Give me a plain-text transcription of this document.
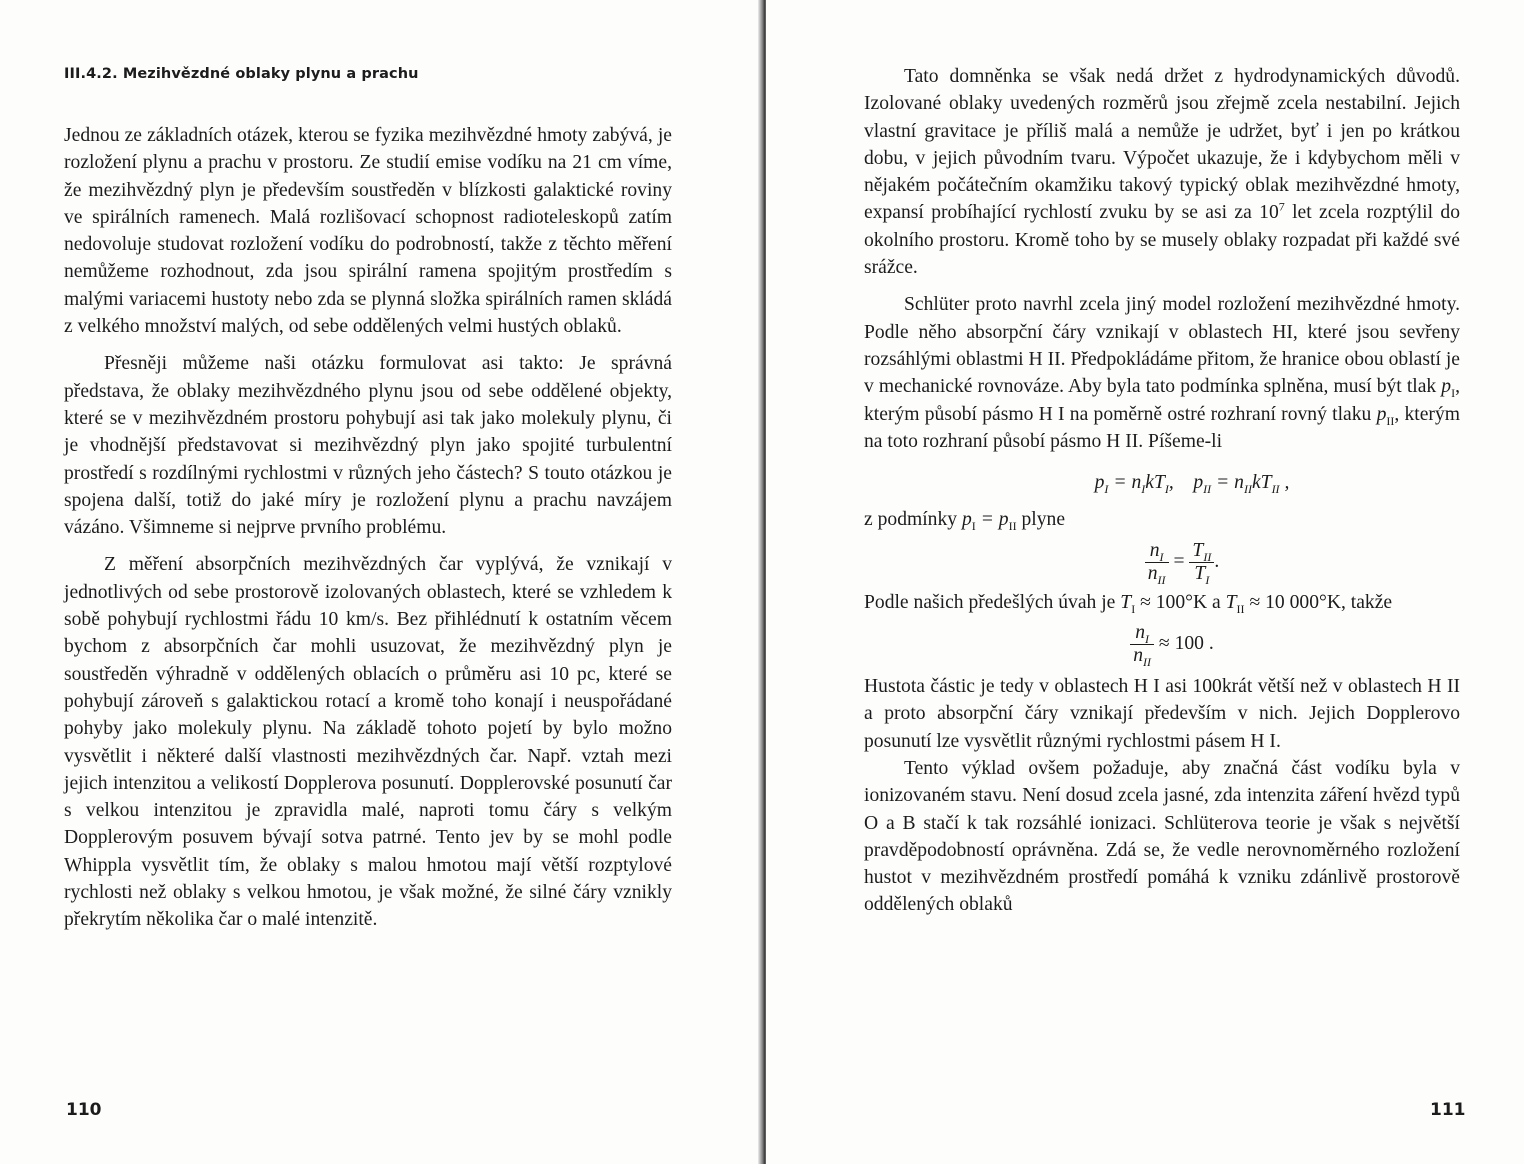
III.4.2. Mezihvězdné oblaky plynu a prachu

Jednou ze základních otázek, kterou se fyzika mezihvězdné hmoty zabývá, je rozložení plynu a prachu v prostoru. Ze studií emise vodíku na 21 cm víme, že mezihvězdný plyn je především soustředěn v blízkosti galaktické roviny ve spirálních ramenech. Malá rozlišovací schopnost radioteleskopů zatím nedovoluje studovat rozložení vodíku do podrobností, takže z těchto měření nemůžeme rozhodnout, zda jsou spirální ramena spojitým prostředím s malými variacemi hustoty nebo zda se plynná složka spirálních ramen skládá z velkého množství malých, od sebe oddělených velmi hustých oblaků.

Přesněji můžeme naši otázku formulovat asi takto: Je správná představa, že oblaky mezihvězdného plynu jsou od sebe oddělené objekty, které se v mezihvězdném prostoru pohybují asi tak jako molekuly plynu, či je vhodnější představovat si mezihvězdný plyn jako spojité turbulentní prostředí s rozdílnými rychlostmi v různých jeho částech? S touto otázkou je spojena další, totiž do jaké míry je rozložení plynu a prachu navzájem vázáno. Všimneme si nejprve prvního problému.

Z měření absorpčních mezihvězdných čar vyplývá, že vznikají v jednotlivých od sebe prostorově izolovaných oblastech, které se vzhledem k sobě pohybují rychlostmi řádu 10 km/s. Bez přihlédnutí k ostatním věcem bychom z absorpčních čar mohli usuzovat, že mezihvězdný plyn je soustředěn výhradně v oddělených oblacích o průměru asi 10 pc, které se pohybují zároveň s galaktickou rotací a kromě toho konají i neuspořádané pohyby jako molekuly plynu. Na základě tohoto pojetí by bylo možno vysvětlit i některé další vlastnosti mezihvězdných čar. Např. vztah mezi jejich intenzitou a velikostí Dopplerova posunutí. Dopplerovské posunutí čar s velkou intenzitou je zpravidla malé, naproti tomu čáry s velkým Dopplerovým posuvem bývají sotva patrné. Tento jev by se mohl podle Whippla vysvětlit tím, že oblaky s malou hmotou mají větší rozptylové rychlosti než oblaky s velkou hmotou, je však možné, že silné čáry vznikly překrytím několika čar o malé intenzitě.

110

Tato domněnka se však nedá držet z hydrodynamických důvodů. Izolované oblaky uvedených rozměrů jsou zřejmě zcela nestabilní. Jejich vlastní gravitace je příliš malá a nemůže je udržet, byť i jen po krátkou dobu, v jejich původním tvaru. Výpočet ukazuje, že i kdybychom měli v nějakém počátečním okamžiku takový typický oblak mezihvězdné hmoty, expansí probíhající rychlostí zvuku by se asi za $10^7$ let zcela rozptýlil do okolního prostoru. Kromě toho by se musely oblaky rozpadat při každé své srážce.

Schlüter proto navrhl zcela jiný model rozložení mezihvězdné hmoty. Podle něho absorpční čáry vznikají v oblastech HI, které jsou sevřeny rozsáhlými oblastmi H II. Předpokládáme přitom, že hranice obou oblastí je v mechanické rovnováze. Aby byla tato podmínka splněna, musí být tlak $p_I$, kterým působí pásmo H I na poměrně ostré rozhraní rovný tlaku $p_{II}$, kterým na toto rozhraní působí pásmo H II. Píšeme-li

$p_I = n_IkT_I$,    $p_{II} = n_{II}kT_{II}$ ,

z podmínky $p_I = p_{II}$ plyne

$\frac{n_I}{n_{II}} = \frac{T_{II}}{T_I}$ .

Podle našich předešlých úvah je $T_I \approx 100^\circ K$ a $T_{II} \approx 10$ 000°K, takže

$\frac{n_I}{n_{II}} \approx 100$ .

Hustota částic je tedy v oblastech H I asi 100krát větší než v oblastech H II a proto absorpční čáry vznikají především v nich. Jejich Dopplerovo posunutí lze vysvětlit různými rychlostmi pásem H I.

Tento výklad ovšem požaduje, aby značná část vodíku byla v ionizovaném stavu. Není dosud zcela jasné, zda intenzita záření hvězd typů O a B stačí k tak rozsáhlé ionizaci. Schlüterova teorie je však s největší pravděpodobností oprávněna. Zdá se, že vedle nerovnoměrného rozložení hustot v mezihvězdném prostředí pomáhá k vzniku zdánlivě prostorově oddělených oblaků

111
